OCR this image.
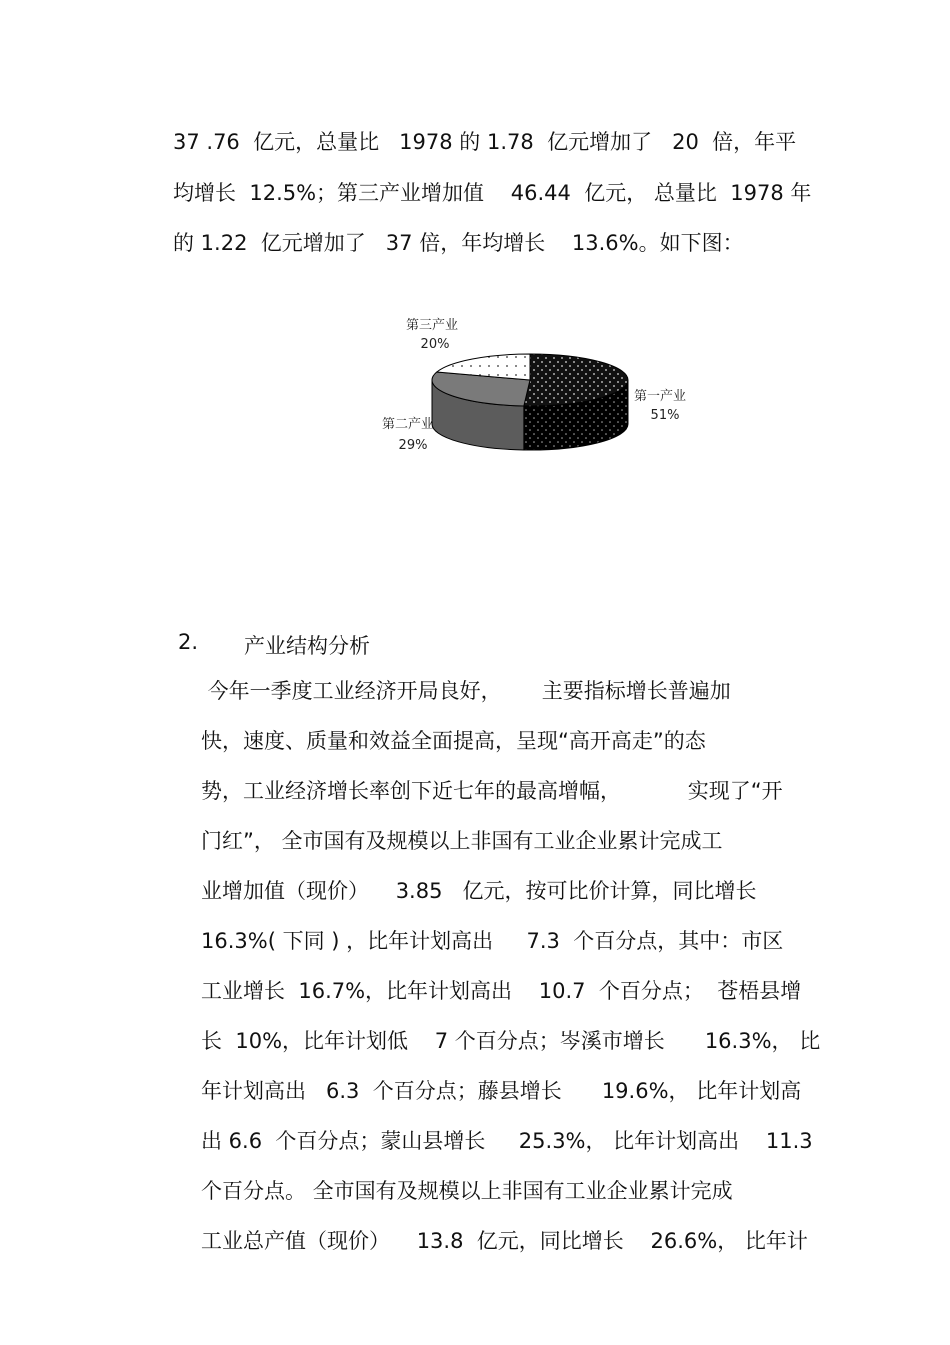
37 .76  亿元，总量比   1978 的 1.78  亿元增加了   20  倍，年平
均增长  12.5%；第三产业增加值    46.44  亿元， 总量比  1978 年
的 1.22  亿元增加了   37 倍，年均增长    13.6%。如下图：
第三产业
20%
第一产业
51%
第二产业
29%
2. 产业结构分析
今年一季度工业经济开局良好，      主要指标增长普遍加
快，速度、质量和效益全面提高，呈现“高开高走”的态
势，工业经济增长率创下近七年的最高增幅，          实现了“开
门红”， 全市国有及规模以上非国有工业企业累计完成工
业增加值（现价）    3.85   亿元，按可比价计算，同比增长
16.3%( 下同 ) ，比年计划高出     7.3  个百分点，其中：市区
工业增长  16.7%，比年计划高出    10.7  个百分点；  苍梧县增
长  10%，比年计划低    7 个百分点；岑溪市增长      16.3%， 比
年计划高出   6.3  个百分点；藤县增长      19.6%， 比年计划高
出 6.6  个百分点；蒙山县增长     25.3%， 比年计划高出    11.3
个百分点。 全市国有及规模以上非国有工业企业累计完成
工业总产值（现价）    13.8  亿元，同比增长    26.6%， 比年计
